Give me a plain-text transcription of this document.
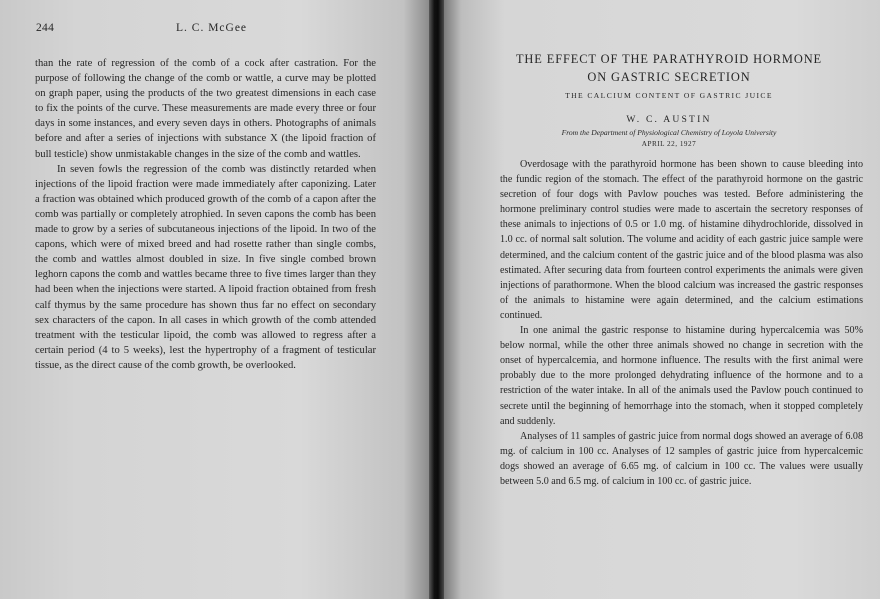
244	L. C. McGee

than the rate of regression of the comb of a cock after castration. For the purpose of following the change of the comb or wattle, a curve may be plotted on graph paper, using the products of the two greatest dimensions in each case to fix the points of the curve. These measurements are made every three or four days in some instances, and every seven days in others. Photographs of animals before and after a series of injections with substance X (the lipoid fraction of bull testicle) show unmistakable changes in the size of the comb and wattles.

In seven fowls the regression of the comb was distinctly retarded when injections of the lipoid fraction were made immediately after caponizing. Later a fraction was obtained which produced growth of the comb of a capon after the comb was partially or completely atrophied. In seven capons the comb has been made to grow by a series of subcutaneous injections of the lipoid. In two of the capons, which were of mixed breed and had rosette rather than single combs, the comb and wattles almost doubled in size. In five single combed brown leghorn capons the comb and wattles became three to five times larger than they had been when the injections were started. A lipoid fraction obtained from fresh calf thymus by the same procedure has shown thus far no effect on secondary sex characters of the capon. In all cases in which growth of the comb attended treatment with the testicular lipoid, the comb was allowed to regress after a certain period (4 to 5 weeks), lest the hypertrophy of a fragment of testicular tissue, as the direct cause of the comb growth, be overlooked.

THE EFFECT OF THE PARATHYROID HORMONE
ON GASTRIC SECRETION
THE CALCIUM CONTENT OF GASTRIC JUICE
W. C. AUSTIN
From the Department of Physiological Chemistry of Loyola University
APRIL 22, 1927

Overdosage with the parathyroid hormone has been shown to cause bleeding into the fundic region of the stomach. The effect of the parathyroid hormone on the gastric secretion of four dogs with Pavlow pouches was tested. Before administering the hormone preliminary control studies were made to ascertain the secretory responses of these animals to injections of 0.5 or 1.0 mg. of histamine dihydrochloride, dissolved in 1.0 cc. of normal salt solution. The volume and acidity of each gastric juice sample were determined, and the calcium content of the gastric juice and of the blood plasma was also estimated. After securing data from fourteen control experiments the animals were given injections of parathormone. When the blood calcium was increased the gastric responses of the animals to histamine were again determined, and the calcium estimations continued.

In one animal the gastric response to histamine during hypercalcemia was 50% below normal, while the other three animals showed no change in secretion with the onset of hypercalcemia, and hormone influence. The results with the first animal were probably due to the more prolonged dehydrating influence of the hormone and to a restriction of the water intake. In all of the animals used the Pavlow pouch continued to secrete until the beginning of hemorrhage into the stomach, when it stopped completely and suddenly.

Analyses of 11 samples of gastric juice from normal dogs showed an average of 6.08 mg. of calcium in 100 cc. Analyses of 12 samples of gastric juice from hypercalcemic dogs showed an average of 6.65 mg. of calcium in 100 cc. The values were usually between 5.0 and 6.5 mg. of calcium in 100 cc. of gastric juice.
